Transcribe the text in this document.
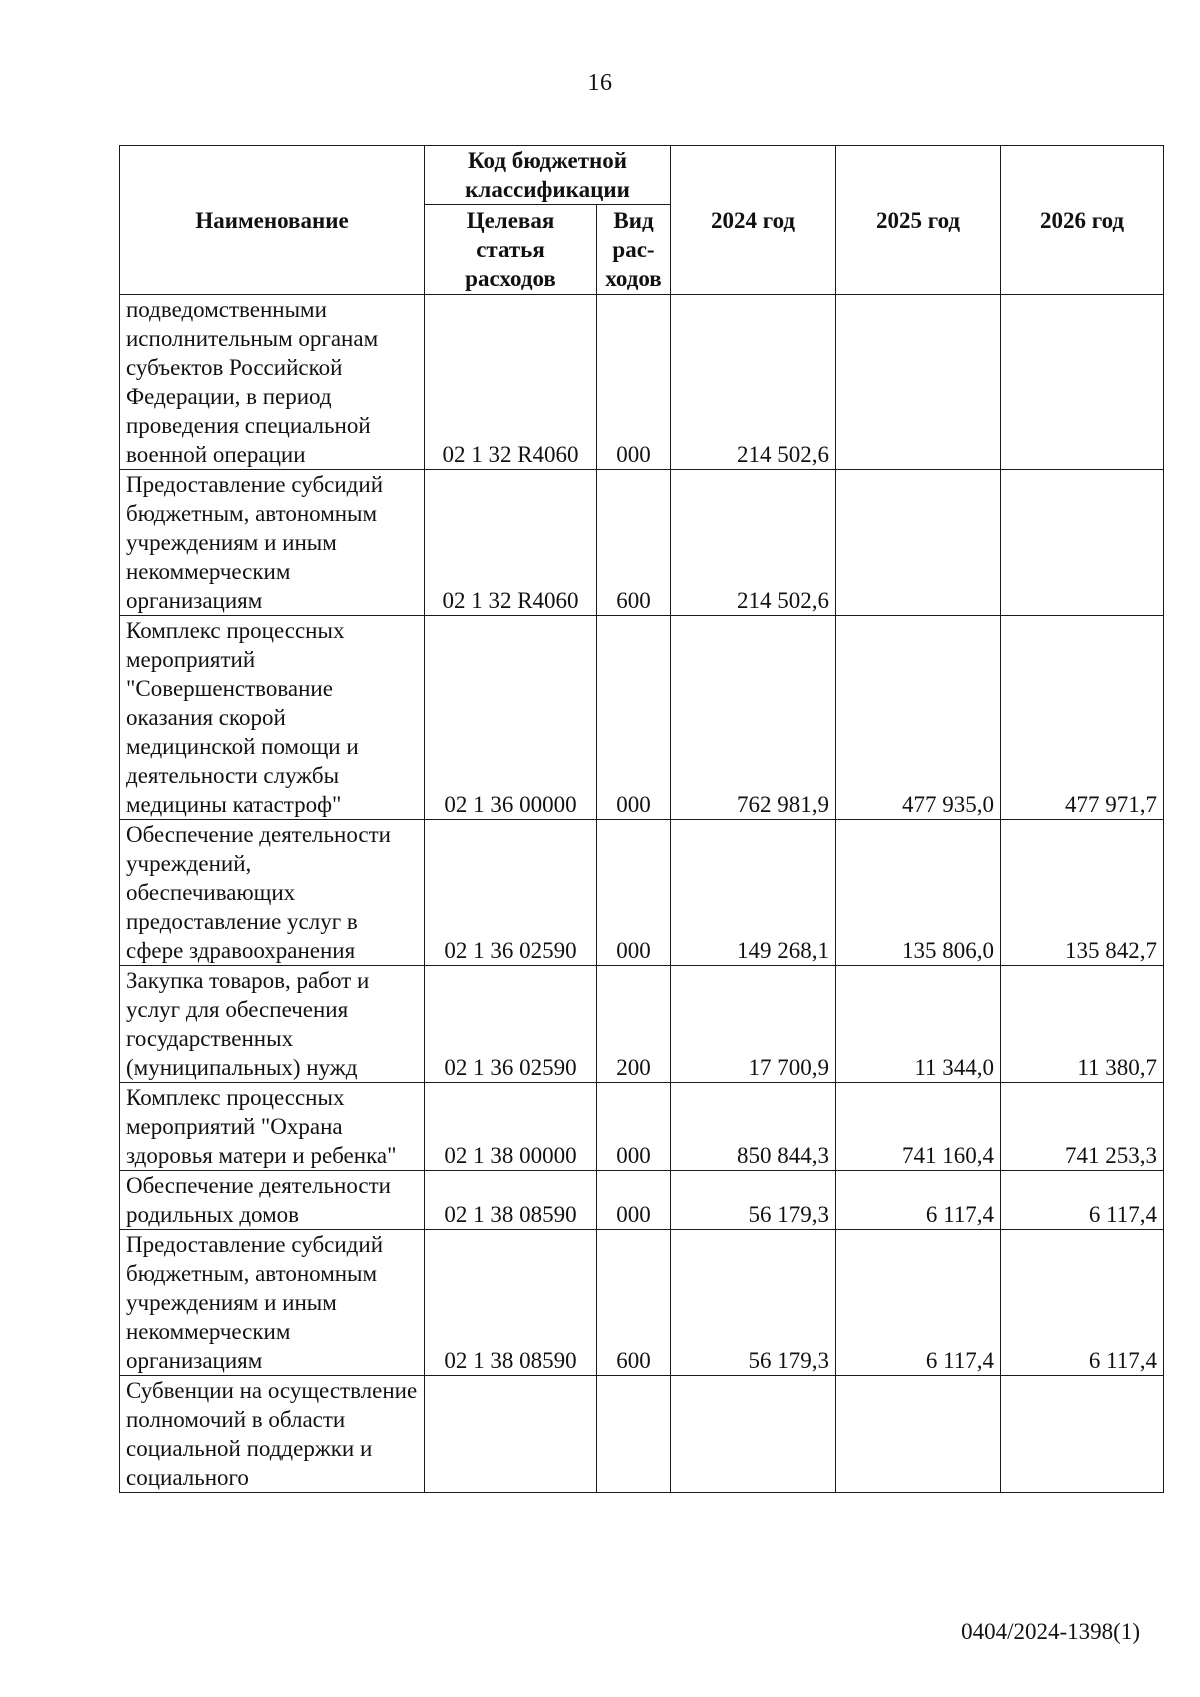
16
Наименование	Код бюджетной классификации		2024 год	2025 год	2026 год
	Целевая статья расходов	Вид рас-ходов			
подведомственными исполнительным органам субъектов Российской Федерации, в период проведения специальной военной операции	02 1 32 R4060	000	214 502,6		
Предоставление субсидий бюджетным, автономным учреждениям и иным некоммерческим организациям	02 1 32 R4060	600	214 502,6		
Комплекс процессных мероприятий "Совершенствование оказания скорой медицинской помощи и деятельности службы медицины катастроф"	02 1 36 00000	000	762 981,9	477 935,0	477 971,7
Обеспечение деятельности учреждений, обеспечивающих предоставление услуг в сфере здравоохранения	02 1 36 02590	000	149 268,1	135 806,0	135 842,7
Закупка товаров, работ и услуг для обеспечения государственных (муниципальных) нужд	02 1 36 02590	200	17 700,9	11 344,0	11 380,7
Комплекс процессных мероприятий "Охрана здоровья матери и ребенка"	02 1 38 00000	000	850 844,3	741 160,4	741 253,3
Обеспечение деятельности родильных домов	02 1 38 08590	000	56 179,3	6 117,4	6 117,4
Предоставление субсидий бюджетным, автономным учреждениям и иным некоммерческим организациям	02 1 38 08590	600	56 179,3	6 117,4	6 117,4
Субвенции на осуществление полномочий в области социальной поддержки и социального					
0404/2024-1398(1)
